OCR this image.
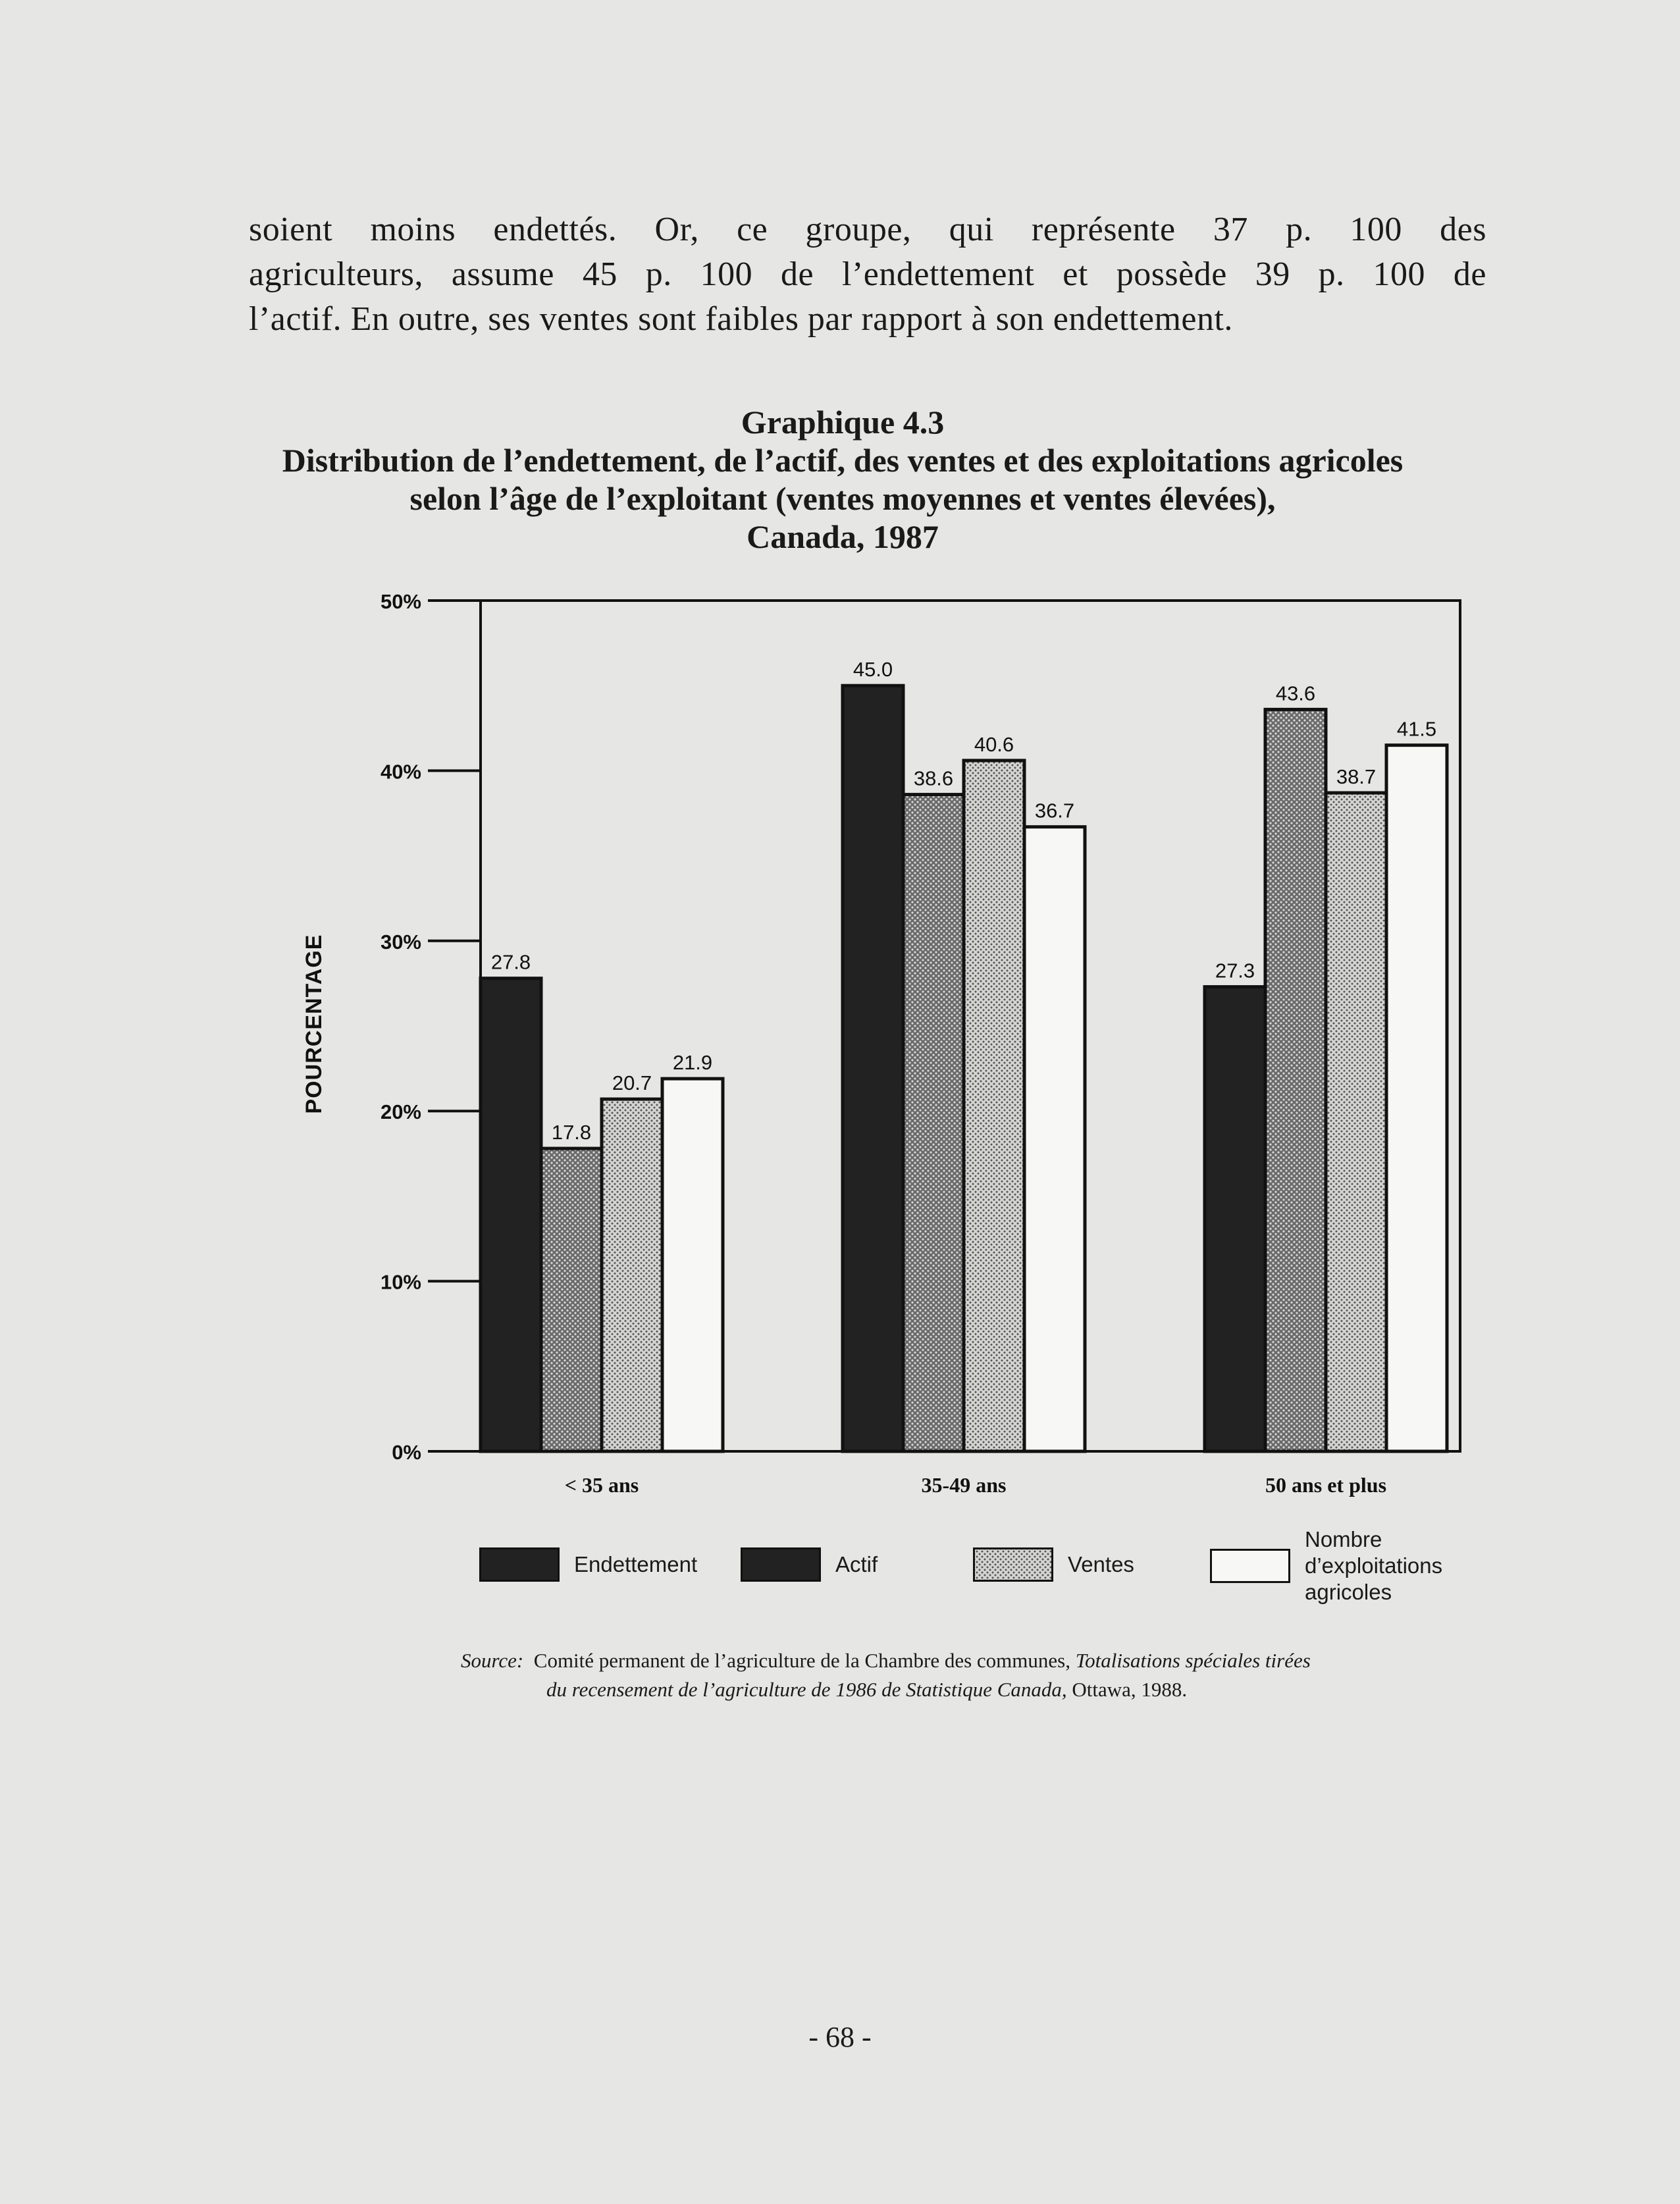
soient moins endettés. Or, ce groupe, qui représente 37 p. 100 des

agriculteurs, assume 45 p. 100 de l’endettement et possède 39 p. 100 de

l’actif. En outre, ses ventes sont faibles par rapport à son endettement.

Graphique 4.3
Distribution de l’endettement, de l’actif, des ventes et des exploitations agricoles
selon l’âge de l’exploitant (ventes moyennes et ventes élevées),
Canada, 1987
0%
10%
20%
30%
40%
50%
POURCENTAGE	27.8
17.8
20.7
21.9
< 35 ans
45.0
38.6
40.6
36.7
35-49 ans
27.3
43.6
38.7
41.5
50 ans et plus
Endettement	Actif	Ventes
Nombre
d’exploitations
agricoles
Source: Comité permanent de l’agriculture de la Chambre des communes, Totalisations spéciales tirées
du recensement de l’agriculture de 1986 de Statistique Canada, Ottawa, 1988.
- 68 -
